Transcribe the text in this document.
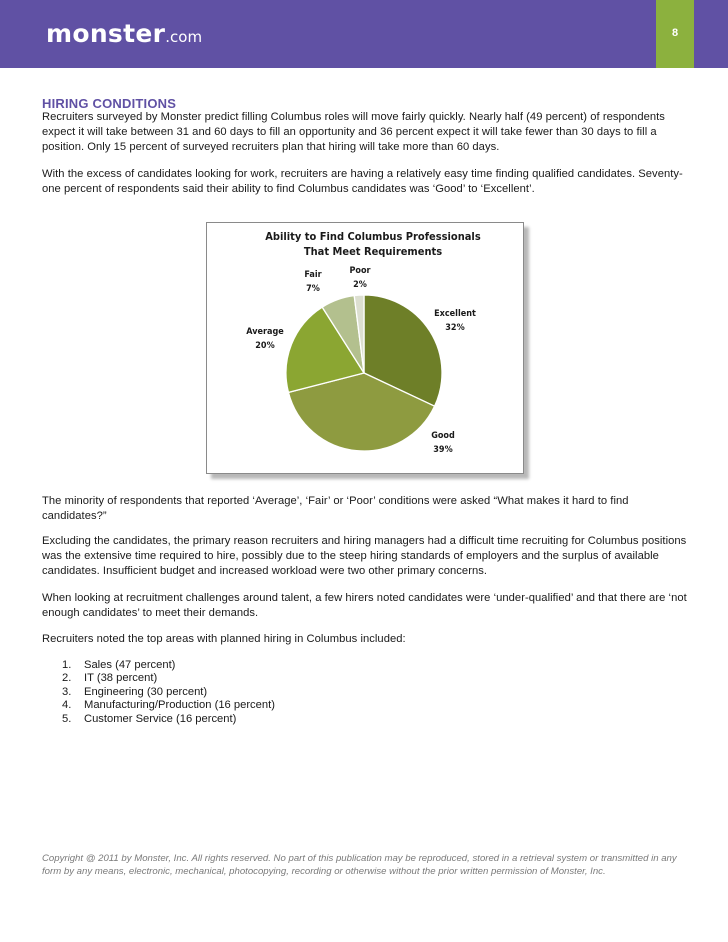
monster.com	8
HIRING CONDITIONS

Recruiters surveyed by Monster predict filling Columbus roles will move fairly quickly. Nearly half (49 percent) of respondents expect it will take between 31 and 60 days to fill an opportunity and 36 percent expect it will take fewer than 30 days to fill a position. Only 15 percent of surveyed recruiters plan that hiring will take more than 60 days.

With the excess of candidates looking for work, recruiters are having a relatively easy time finding qualified candidates. Seventy-one percent of respondents said their ability to find Columbus candidates was ‘Good’ to ‘Excellent’.

Ability to Find Columbus Professionals
That Meet Requirements
Excellent
32%
Good
39%
Average
20%
Fair
7%
Poor
2%

The minority of respondents that reported ‘Average’, ‘Fair’ or ‘Poor’ conditions were asked “What makes it hard to find candidates?”

Excluding the candidates, the primary reason recruiters and hiring managers had a difficult time recruiting for Columbus positions was the extensive time required to hire, possibly due to the steep hiring standards of employers and the surplus of available candidates. Insufficient budget and increased workload were two other primary concerns.

When looking at recruitment challenges around talent, a few hirers noted candidates were ‘under-qualified’ and that there are ‘not enough candidates’ to meet their demands.

Recruiters noted the top areas with planned hiring in Columbus included:

1. Sales (47 percent)
2. IT (38 percent)
3. Engineering (30 percent)
4. Manufacturing/Production (16 percent)
5. Customer Service (16 percent)

Copyright @ 2011 by Monster, Inc. All rights reserved. No part of this publication may be reproduced, stored in a retrieval system or transmitted in any form by any means, electronic, mechanical, photocopying, recording or otherwise without the prior written permission of Monster, Inc.
